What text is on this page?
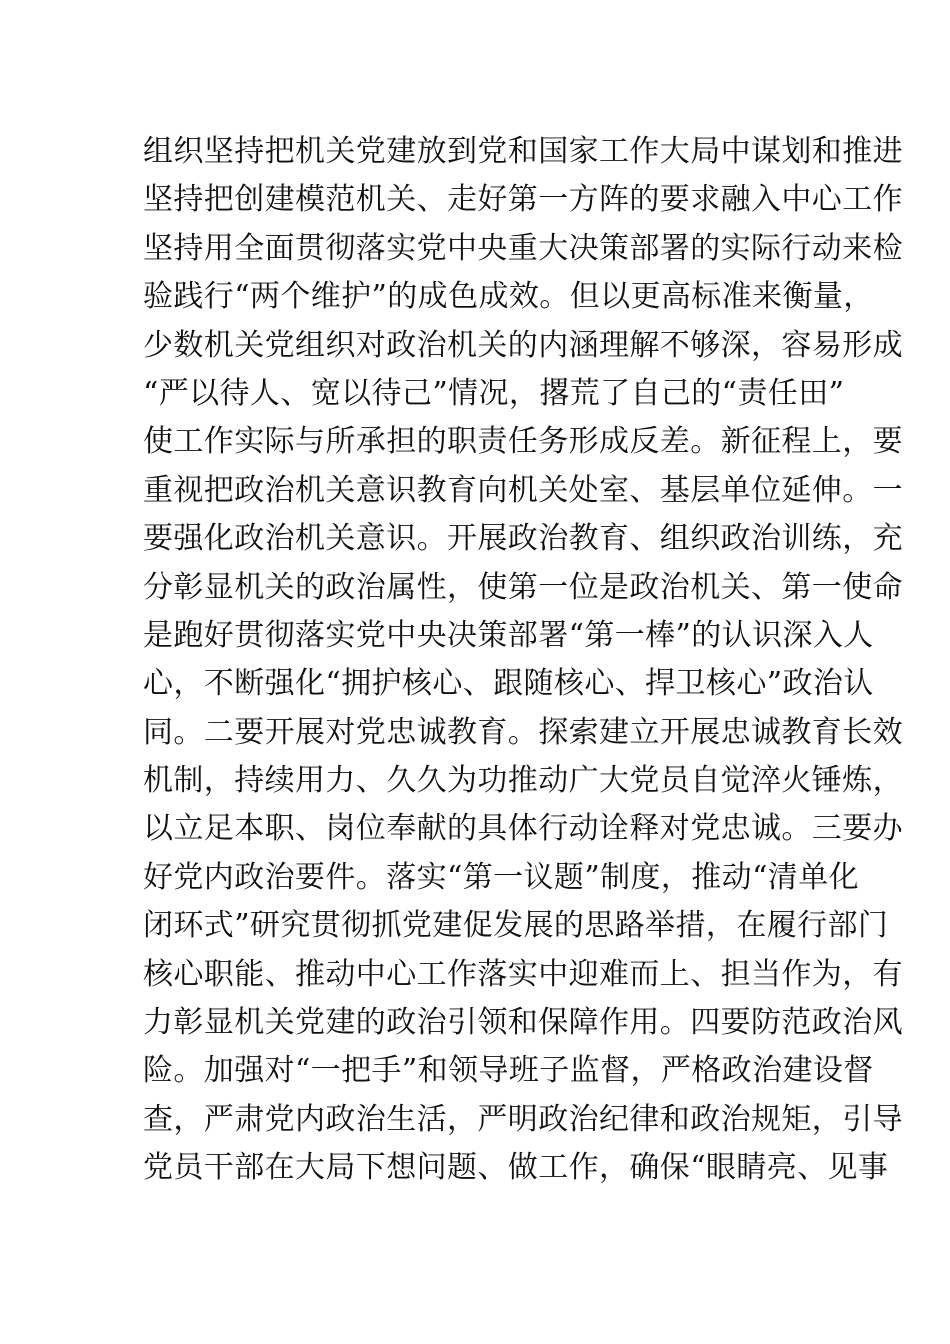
组织坚持把机关党建放到党和国家工作大局中谋划和推进
坚持把创建模范机关、走好第一方阵的要求融入中心工作
坚持用全面贯彻落实党中央重大决策部署的实际行动来检
验践行“两个维护”的成色成效。但以更高标准来衡量，
少数机关党组织对政治机关的内涵理解不够深，容易形成
“严以待人、宽以待己”情况，撂荒了自己的“责任田”
使工作实际与所承担的职责任务形成反差。新征程上，要
重视把政治机关意识教育向机关处室、基层单位延伸。一
要强化政治机关意识。开展政治教育、组织政治训练，充
分彰显机关的政治属性，使第一位是政治机关、第一使命
是跑好贯彻落实党中央决策部署“第一棒”的认识深入人
心，不断强化“拥护核心、跟随核心、捍卫核心”政治认
同。二要开展对党忠诚教育。探索建立开展忠诚教育长效
机制，持续用力、久久为功推动广大党员自觉淬火锤炼，
以立足本职、岗位奉献的具体行动诠释对党忠诚。三要办
好党内政治要件。落实“第一议题”制度，推动“清单化
闭环式”研究贯彻抓党建促发展的思路举措，在履行部门
核心职能、推动中心工作落实中迎难而上、担当作为，有
力彰显机关党建的政治引领和保障作用。四要防范政治风
险。加强对“一把手”和领导班子监督，严格政治建设督
查，严肃党内政治生活，严明政治纪律和政治规矩，引导
党员干部在大局下想问题、做工作，确保“眼睛亮、见事
